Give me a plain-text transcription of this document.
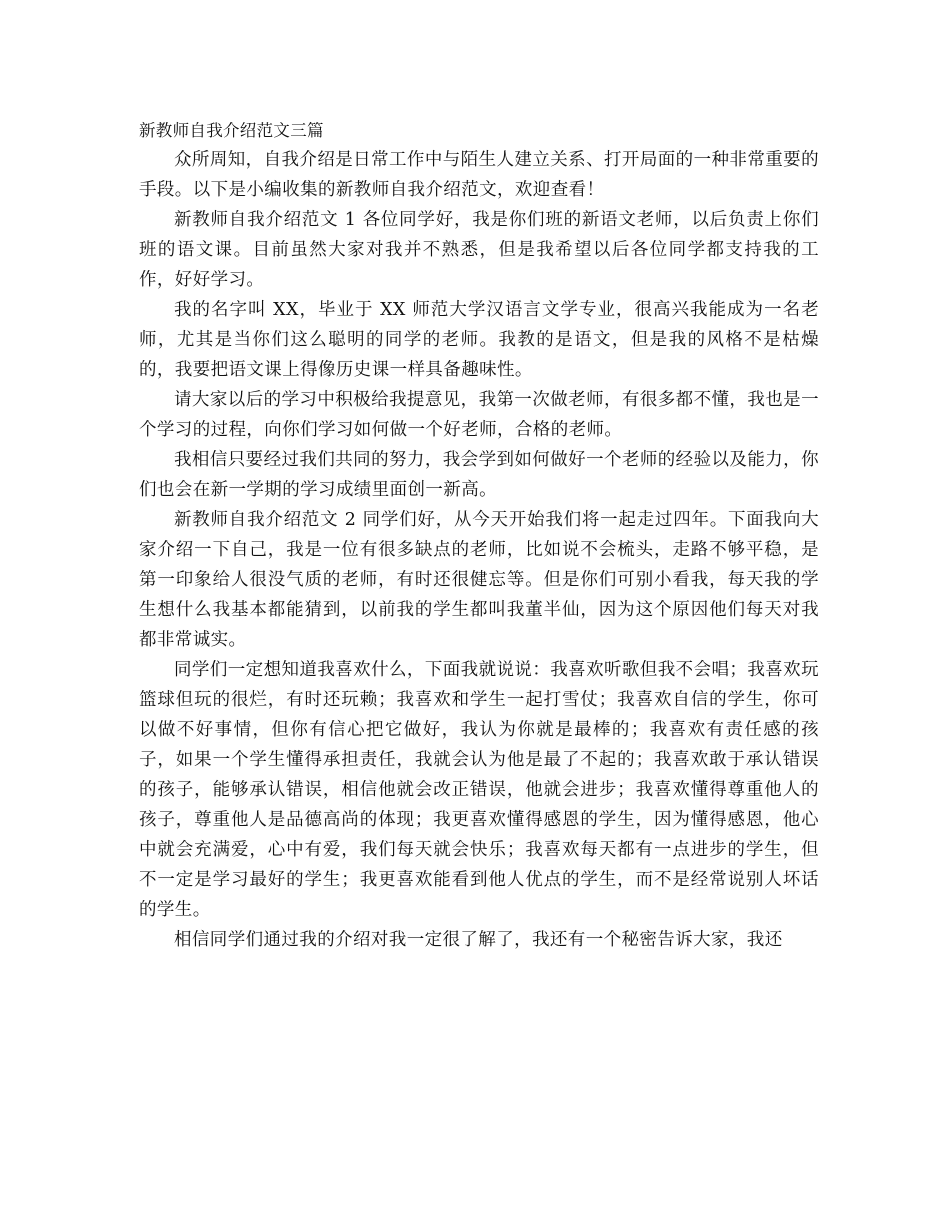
新教师自我介绍范文三篇

众所周知，自我介绍是日常工作中与陌生人建立关系、打开局面的一种非常重要的手段。以下是小编收集的新教师自我介绍范文，欢迎查看！

新教师自我介绍范文 1 各位同学好，我是你们班的新语文老师，以后负责上你们班的语文课。目前虽然大家对我并不熟悉，但是我希望以后各位同学都支持我的工作，好好学习。

我的名字叫 XX，毕业于 XX 师范大学汉语言文学专业，很高兴我能成为一名老师，尤其是当你们这么聪明的同学的老师。我教的是语文，但是我的风格不是枯燥的，我要把语文课上得像历史课一样具备趣味性。

请大家以后的学习中积极给我提意见，我第一次做老师，有很多都不懂，我也是一个学习的过程，向你们学习如何做一个好老师，合格的老师。

我相信只要经过我们共同的努力，我会学到如何做好一个老师的经验以及能力，你们也会在新一学期的学习成绩里面创一新高。

新教师自我介绍范文 2 同学们好，从今天开始我们将一起走过四年。下面我向大家介绍一下自己，我是一位有很多缺点的老师，比如说不会梳头，走路不够平稳，是第一印象给人很没气质的老师，有时还很健忘等。但是你们可别小看我，每天我的学生想什么我基本都能猜到，以前我的学生都叫我董半仙，因为这个原因他们每天对我都非常诚实。

同学们一定想知道我喜欢什么，下面我就说说：我喜欢听歌但我不会唱；我喜欢玩篮球但玩的很烂，有时还玩赖；我喜欢和学生一起打雪仗；我喜欢自信的学生，你可以做不好事情，但你有信心把它做好，我认为你就是最棒的；我喜欢有责任感的孩子，如果一个学生懂得承担责任，我就会认为他是最了不起的；我喜欢敢于承认错误的孩子，能够承认错误，相信他就会改正错误，他就会进步；我喜欢懂得尊重他人的孩子，尊重他人是品德高尚的体现；我更喜欢懂得感恩的学生，因为懂得感恩，他心中就会充满爱，心中有爱，我们每天就会快乐；我喜欢每天都有一点进步的学生，但不一定是学习最好的学生；我更喜欢能看到他人优点的学生，而不是经常说别人坏话的学生。

相信同学们通过我的介绍对我一定很了解了，我还有一个秘密告诉大家，我还
